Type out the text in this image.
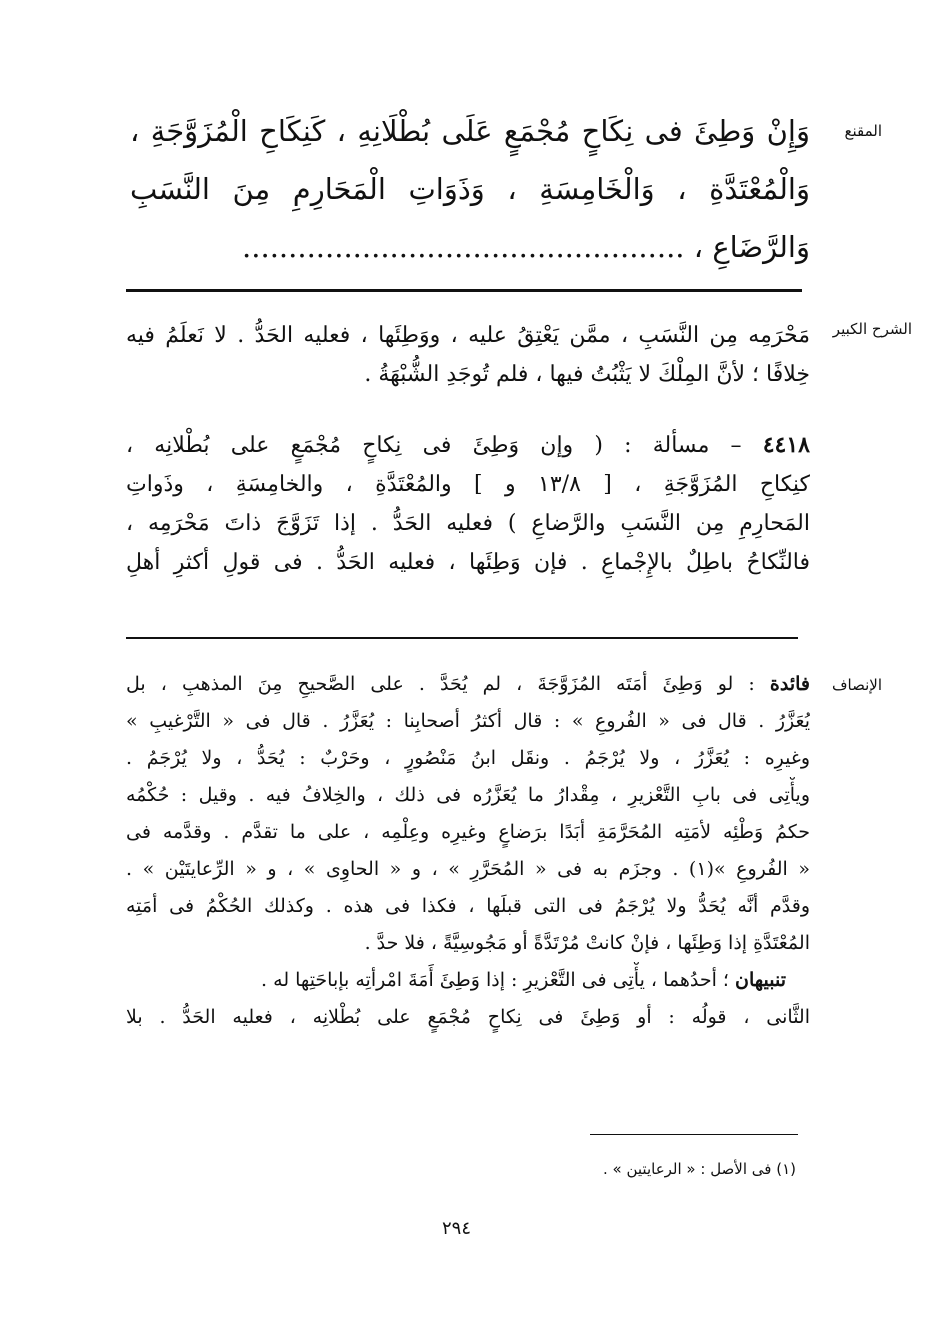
المقنع
وَإِنْ وَطِئَ فى نِكَاحٍ مُجْمَعٍ عَلَى بُطْلَانِهِ ، كَنِكَاحِ الْمُزَوَّجَةِ ،
وَالْمُعْتَدَّةِ ، وَالْخَامِسَةِ ، وَذَوَاتِ الْمَحَارِمِ مِنَ النَّسَبِ
وَالرَّضَاعِ ، ................................................
الشرح الكبير
مَحْرَمِه مِن النَّسَبِ ، ممَّن يَعْتِقُ عليه ، ووَطِئَها ، فعليه الحَدُّ . لا نَعلَمُ فيه
خِلافًا ؛ لأنَّ المِلْكَ لا يَثْبُتُ فيها ، فلم تُوجَدِ الشُّبْهَةُ .
٤٤١٨ – مسألة : ( وإن وَطِئَ فى نِكاحٍ مُجْمَعٍ على بُطْلانِه ،
كنِكاحِ المُزَوَّجَةِ ، [ ١٣/٨ و ] والمُعْتَدَّةِ ، والخامِسَةِ ، وذَواتِ
المَحارِمِ مِن النَّسَبِ والرَّضاعِ ) فعليه الحَدُّ . إذا تَزَوَّجَ ذاتَ مَحْرَمِه ،
فالنِّكاحُ باطِلٌ بالإِجْماعِ . فإن وَطِئَها ، فعليه الحَدُّ . فى قولِ أكثرِ أهلِ
الإنصاف
فائدة : لو وَطِئَ أمَتَه المُزَوَّجَةَ ، لم يُحَدَّ . على الصَّحيحِ مِنَ المذهبِ ، بل
يُعَزَّرُ . قال فى « الفُروعِ » : قال أكثرُ أصحابِنا : يُعَزَّرُ . قال فى « التَّرْغيبِ »
وغيرِه : يُعَزَّرُ ، ولا يُرْجَمُ . ونقَل ابنُ مَنْصُورٍ ، وحَرْبٌ : يُحَدُّ ، ولا يُرْجَمُ .
ويأْتِى فى بابِ التَّعْزيرِ ، مِقْدارُ ما يُعَزَّرُه فى ذلك ، والخِلافُ فيه . وقيل : حُكْمُه
حكمُ وَطْئِه لأمَتِه المُحَرَّمَةِ أبَدًا برَضاعٍ وغيرِه وعِلْمِه ، على ما تقدَّم . وقدَّمه فى
« الفُروعِ »(١) . وجزَم به فى « المُحَرَّرِ » ، و « الحاوِى » ، و « الرِّعايتَيْن » .
وقدَّم أنَّه يُحَدُّ ولا يُرْجَمُ فى التى قبلَها ، فكذا فى هذه . وكذلك الحُكْمُ فى أمَتِه
المُعْتَدَّةِ إذا وَطِئَها ، فإنْ كانتْ مُرْتَدَّةً أو مَجُوسِيَّةً ، فلا حدَّ .
تنبيهان ؛ أحدُهما ، يأْتِى فى التَّعْزيرِ : إذا وَطِئَ أَمَةَ امْرأتِه بإباحَتِها له .
الثَّانى ، قولُه : أو وَطِئَ فى نِكاحٍ مُجْمَعٍ على بُطْلانِه ، فعليه الحَدُّ . بلا
(١) فى الأصل : « الرعايتين » .
٢٩٤
